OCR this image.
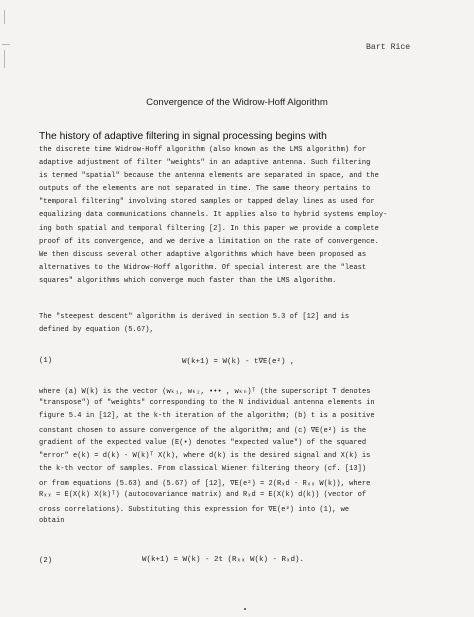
Bart Rice
Convergence of the Widrow-Hoff Algorithm
The history of adaptive filtering in signal processing begins with
the discrete time Widrow-Hoff algorithm (also known as the LMS algorithm) for
adaptive adjustment of filter "weights" in an adaptive antenna. Such filtering
is termed "spatial" because the antenna elements are separated in space, and the
outputs of the elements are not separated in time. The same theory pertains to
"temporal filtering" involving stored samples or tapped delay lines as used for
equalizing data communications channels. It applies also to hybrid systems employ-
ing both spatial and temporal filtering [2]. In this paper we provide a complete
proof of its convergence, and we derive a limitation on the rate of convergence.
We then discuss several other adaptive algorithms which have been proposed as
alternatives to the Widrow-Hoff algorithm. Of special interest are the "least
squares" algorithms which converge much faster than the LMS algorithm.
The "steepest descent" algorithm is derived in section 5.3 of [12] and is
defined by equation (5.67),
(1)	W(k+1) = W(k) - t∇E(e²) ,
where (a) W(k) is the vector (wₖ₁, wₖ₂, ••• , wₖₙ)ᵀ (the superscript T denotes
"transpose") of "weights" corresponding to the N individual antenna elements in
figure 5.4 in [12], at the k-th iteration of the algorithm; (b) t is a positive
constant chosen to assure convergence of the algorithm; and (c) ∇E(e²) is the
gradient of the expected value (E(•) denotes "expected value") of the squared
"error" e(k) = d(k) - W(k)ᵀ X(k), where d(k) is the desired signal and X(k) is
the k-th vector of samples. From classical Wiener filtering theory (cf. [13])
or from equations (5.63) and (5.67) of [12], ∇E(e²) = 2(Rₓd - Rₓₓ W(k)), where
Rₓₓ = E(X(k) X(k)ᵀ) (autocovariance matrix) and Rₓd = E(X(k) d(k)) (vector of
cross correlations). Substituting this expression for ∇E(e²) into (1), we
obtain
(2)	W(k+1) = W(k) - 2t (Rₓₓ W(k) - Rₓd).
